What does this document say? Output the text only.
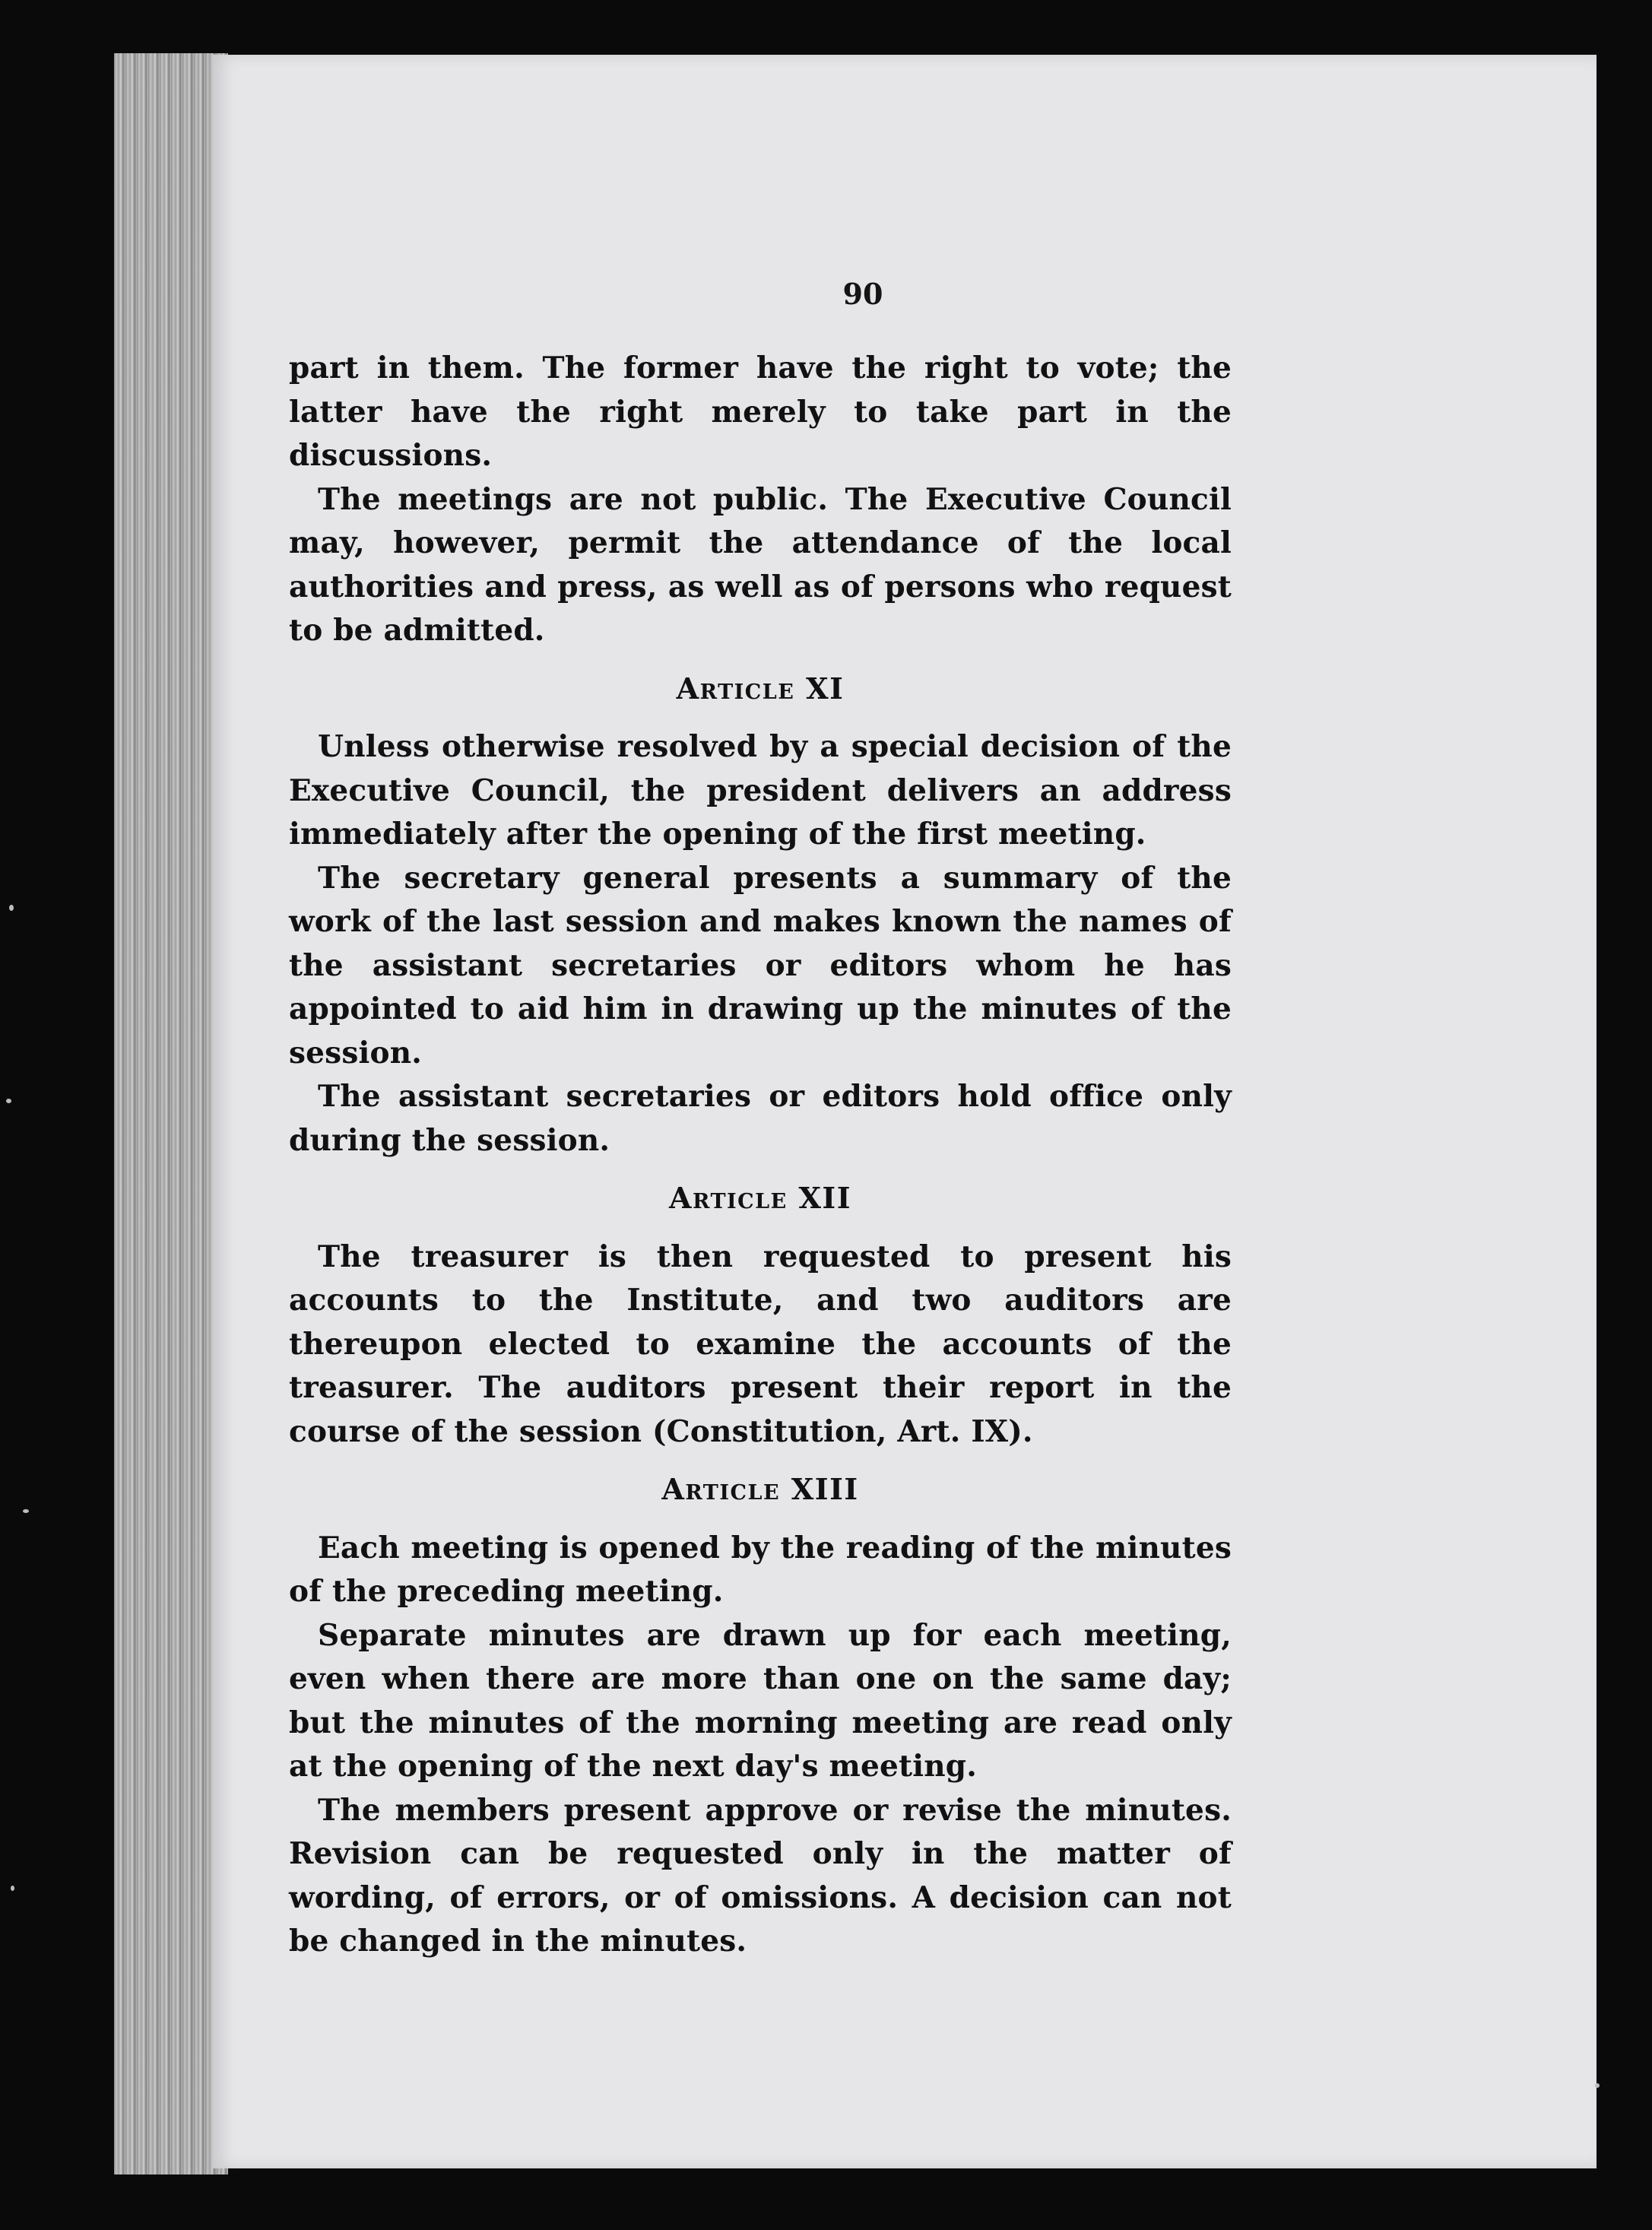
90

part in them. The former have the right to vote; the latter have the right merely to take part in the discussions.

The meetings are not public. The Executive Council may, however, permit the attendance of the local authorities and press, as well as of persons who request to be admitted.

Article XI

Unless otherwise resolved by a special decision of the Executive Council, the president delivers an address immediately after the opening of the first meeting.

The secretary general presents a summary of the work of the last session and makes known the names of the assistant secretaries or editors whom he has appointed to aid him in drawing up the minutes of the session.

The assistant secretaries or editors hold office only during the session.

Article XII

The treasurer is then requested to present his accounts to the Institute, and two auditors are thereupon elected to examine the accounts of the treasurer. The auditors present their report in the course of the session (Constitution, Art. IX).

Article XIII

Each meeting is opened by the reading of the minutes of the preceding meeting.

Separate minutes are drawn up for each meeting, even when there are more than one on the same day; but the minutes of the morning meeting are read only at the opening of the next day's meeting.

The members present approve or revise the minutes. Revision can be requested only in the matter of wording, of errors, or of omissions. A decision can not be changed in the minutes.
